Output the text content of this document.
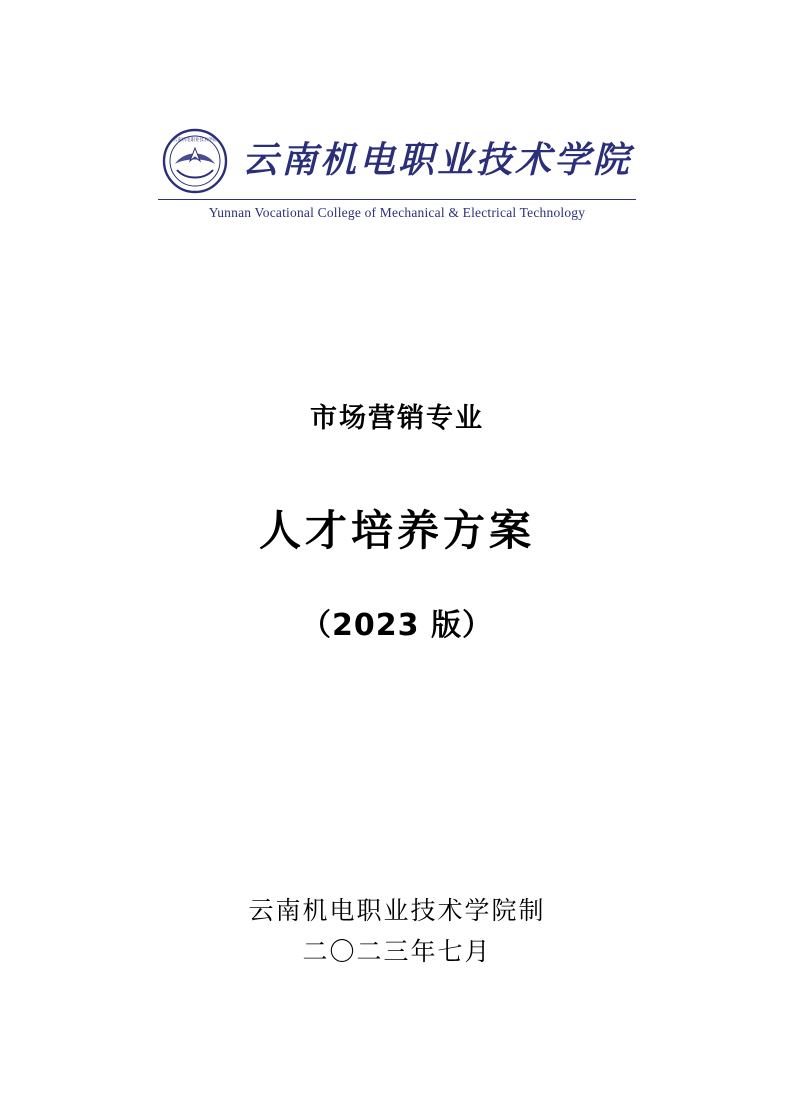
云南机电职业技术学院 云南机电职业技术学院
Yunnan Vocational College of Mechanical & Electrical Technology
市场营销专业
人才培养方案
（2023 版）
云南机电职业技术学院制
二〇二三年七月
